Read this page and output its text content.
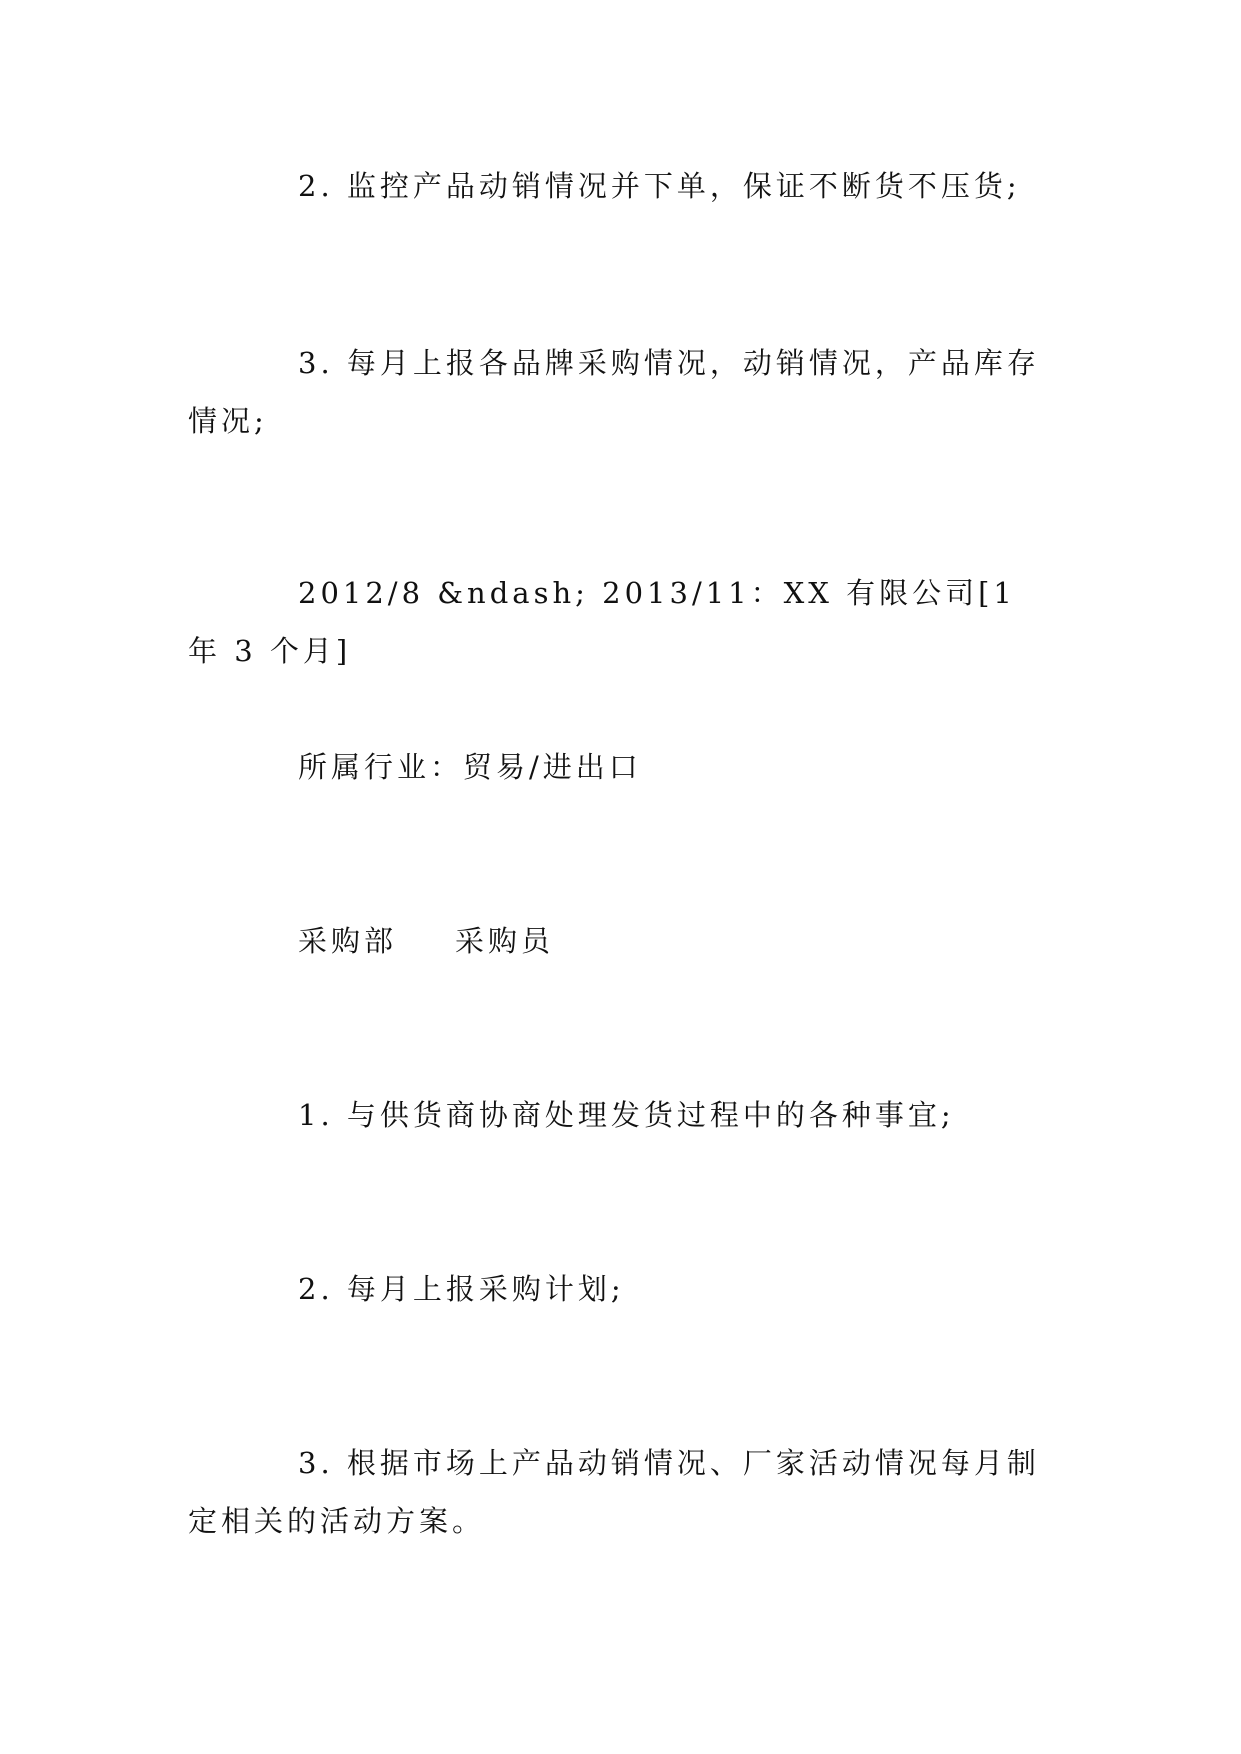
2. 监控产品动销情况并下单，保证不断货不压货;
3. 每月上报各品牌采购情况，动销情况，产品库存情况;
2012/8 &ndash; 2013/11：XX 有限公司[1 年 3 个月]
所属行业：贸易/进出口
采购部 采购员
1. 与供货商协商处理发货过程中的各种事宜;
2. 每月上报采购计划;
3. 根据市场上产品动销情况、厂家活动情况每月制定相关的活动方案。
